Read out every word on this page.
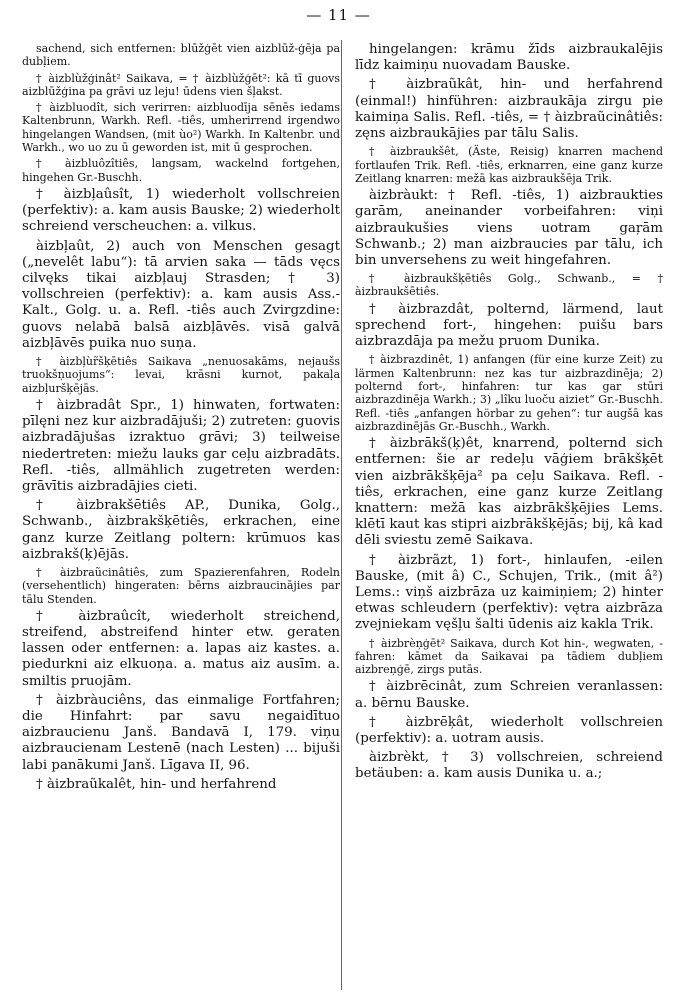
— 11 —

sachend, sich entfernen: blūžģēt vien aizblūž-ģēja pa dubļiem.

† àizblùžģinât² Saikava, = † àizblùžģēt²: kā tī guovs aizblūžģina pa grāvi uz leju! ūdens vien šļakst.

† àizbluodît, sich verirren: aizbluodīja sēnēs iedams Kaltenbrunn, Warkh. Refl. -tiês, umherirrend irgendwo hingelangen Wandsen, (mit ùo²) Warkh. In Kaltenbr. und Warkh., wo uo zu ū geworden ist, mit ū gesprochen.

† àizbluôzîtiês, langsam, wackelnd fortgehen, hingehen Gr.-Buschh.

† àizbļaûsît, 1) wiederholt vollschreien (perfektiv): a. kam ausis Bauske; 2) wiederholt schreiend verscheuchen: a. vilkus.

àizbļaût, 2) auch von Menschen gesagt („nevelêt labu“): tā arvien saka — tāds vęcs cilvęks tikai aizbļauj Strasden; † 3) vollschreien (perfektiv): a. kam ausis Ass.-Kalt., Golg. u. a. Refl. -tiês auch Zvirgzdine: guovs nelabā balsā aizbļāvēs. visā galvā aizbļāvēs puika nuo suņa.

† àizbļùr̃šķētiês Saikava „nenuosakāms, nejaušs truokšņuojums“: levai, krāsni kurnot, pakaļa aizbļuršķējās.

† àizbradât Spr., 1) hinwaten, fortwaten: pīlęni nez kur aizbradājuši; 2) zutreten: guovis aizbradājušas izraktuo grāvi; 3) teilweise niedertreten: miežu lauks gar ceļu aizbradāts. Refl. -tiês, allmählich zugetreten werden: grāvītis aizbradājies cieti.

† àizbrakšētiês AP., Dunika, Golg., Schwanb., àizbrakšķētiês, erkrachen, eine ganz kurze Zeitlang poltern: krūmuos kas aizbrakš(ķ)ējās.

† àizbraũcinâtiês, zum Spazierenfahren, Rodeln (versehentlich) hingeraten: bērns aizbraucinājies par tālu Stenden.

† àizbraûcît, wiederholt streichend, streifend, abstreifend hinter etw. geraten lassen oder entfernen: a. lapas aiz kastes. a. piedurkni aiz elkuoņa. a. matus aiz ausīm. a. smiltis pruojām.

† àizbràuciêns, das einmalige Fortfahren; die Hinfahrt: par savu negaidītuo aizbraucienu Janš. Bandavā I, 179. viņu aizbraucienam Lestenē (nach Lesten) ... bijuši labi panākumi Janš. Līgava II, 96.

† àizbraũkalêt, hin- und herfahrend

hingelangen: krāmu žīds aizbraukalējis līdz kaimiņu nuovadam Bauske.

† àizbraũkât, hin- und herfahrend (einmal!) hinführen: aizbraukāja zirgu pie kaimiņa Salis. Refl. -tiês, = † àizbraũcinâtiês: zęns aizbraukājies par tālu Salis.

† àizbraukšêt, (Äste, Reisig) knarren machend fortlaufen Trik. Refl. -tiês, erknarren, eine ganz kurze Zeitlang knarren: mežā kas aizbraukšēja Trik.

àizbràukt: † Refl. -tiês, 1) aizbraukties garām, aneinander vorbeifahren: viņi aizbraukušies viens uotram gaŗām Schwanb.; 2) man aizbraucies par tālu, ich bin unversehens zu weit hingefahren.

† àizbraukšķētiês Golg., Schwanb., = † àizbraukšētiês.

† àizbrazdât, polternd, lärmend, laut sprechend fort-, hingehen: puišu bars aizbrazdāja pa mežu pruom Dunika.

† àizbrazdinêt, 1) anfangen (für eine kurze Zeit) zu lärmen Kaltenbrunn: nez kas tur aizbrazdinēja; 2) polternd fort-, hinfahren: tur kas gar stūri aizbrazdinēja Warkh.; 3) „lîku luoču aiziet“ Gr.-Buschh. Refl. -tiês „anfangen hörbar zu gehen“: tur augšā kas aizbrazdinējās Gr.-Buschh., Warkh.

† àizbrākš(ķ)êt, knarrend, polternd sich entfernen: šie ar redeļu vāģiem brākšķēt vien aizbrākšķēja² pa ceļu Saikava. Refl. -tiês, erkrachen, eine ganz kurze Zeitlang knattern: mežā kas aizbrākšķējies Lems. klētī kaut kas stipri aizbrākšķējās; bij, kâ kad dēli sviestu zemē Saikava.

† àizbrãzt, 1) fort-, hinlaufen, -eilen Bauske, (mit â) C., Schujen, Trik., (mit â²) Lems.: viņš aizbrāza uz kaimiņiem; 2) hinter etwas schleudern (perfektiv): vętra aizbrāza zvejniekam vęšļu šalti ūdenis aiz kakla Trik.

† àizbrèņģēt² Saikava, durch Kot hin-, wegwaten, -fahren: kāmet da Saikavai pa tādiem dubļiem aizbreņģē, zirgs putās.

† àizbrēcinât, zum Schreien veranlassen: a. bērnu Bauske.

† àizbrēķât, wiederholt vollschreien (perfektiv): a. uotram ausis.

àizbrèkt, † 3) vollschreien, schreiend betäuben: a. kam ausis Dunika u. a.;
